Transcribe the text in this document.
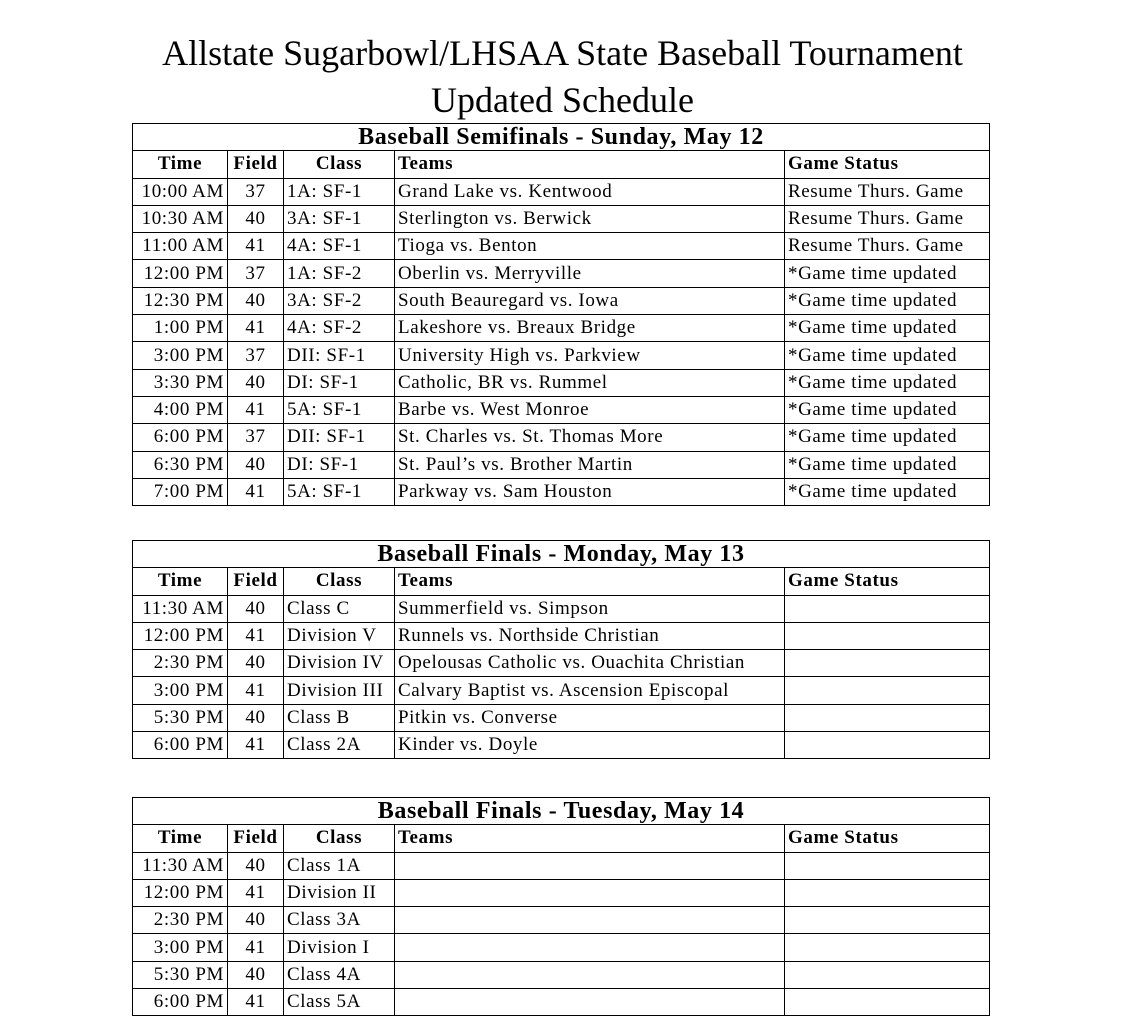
Allstate Sugarbowl/LHSAA State Baseball Tournament
Updated Schedule
Baseball Semifinals - Sunday, May 12				
Time	Field	Class	Teams	Game Status
10:00 AM	37	1A: SF-1	Grand Lake vs. Kentwood	Resume Thurs. Game
10:30 AM	40	3A: SF-1	Sterlington vs. Berwick	Resume Thurs. Game
11:00 AM	41	4A: SF-1	Tioga vs. Benton	Resume Thurs. Game
12:00 PM	37	1A: SF-2	Oberlin vs. Merryville	*Game time updated
12:30 PM	40	3A: SF-2	South Beauregard vs. Iowa	*Game time updated
1:00 PM	41	4A: SF-2	Lakeshore vs. Breaux Bridge	*Game time updated
3:00 PM	37	DII: SF-1	University High vs. Parkview	*Game time updated
3:30 PM	40	DI: SF-1	Catholic, BR vs. Rummel	*Game time updated
4:00 PM	41	5A: SF-1	Barbe vs. West Monroe	*Game time updated
6:00 PM	37	DII: SF-1	St. Charles vs. St. Thomas More	*Game time updated
6:30 PM	40	DI: SF-1	St. Paul’s vs. Brother Martin	*Game time updated
7:00 PM	41	5A: SF-1	Parkway vs. Sam Houston	*Game time updated
Baseball Finals - Monday, May 13				
Time	Field	Class	Teams	Game Status
11:30 AM	40	Class C	Summerfield vs. Simpson	
12:00 PM	41	Division V	Runnels vs. Northside Christian	
2:30 PM	40	Division IV	Opelousas Catholic vs. Ouachita Christian	
3:00 PM	41	Division III	Calvary Baptist vs. Ascension Episcopal	
5:30 PM	40	Class B	Pitkin vs. Converse	
6:00 PM	41	Class 2A	Kinder vs. Doyle	
Baseball Finals - Tuesday, May 14				
Time	Field	Class	Teams	Game Status
11:30 AM	40	Class 1A		
12:00 PM	41	Division II		
2:30 PM	40	Class 3A		
3:00 PM	41	Division I		
5:30 PM	40	Class 4A		
6:00 PM	41	Class 5A		
